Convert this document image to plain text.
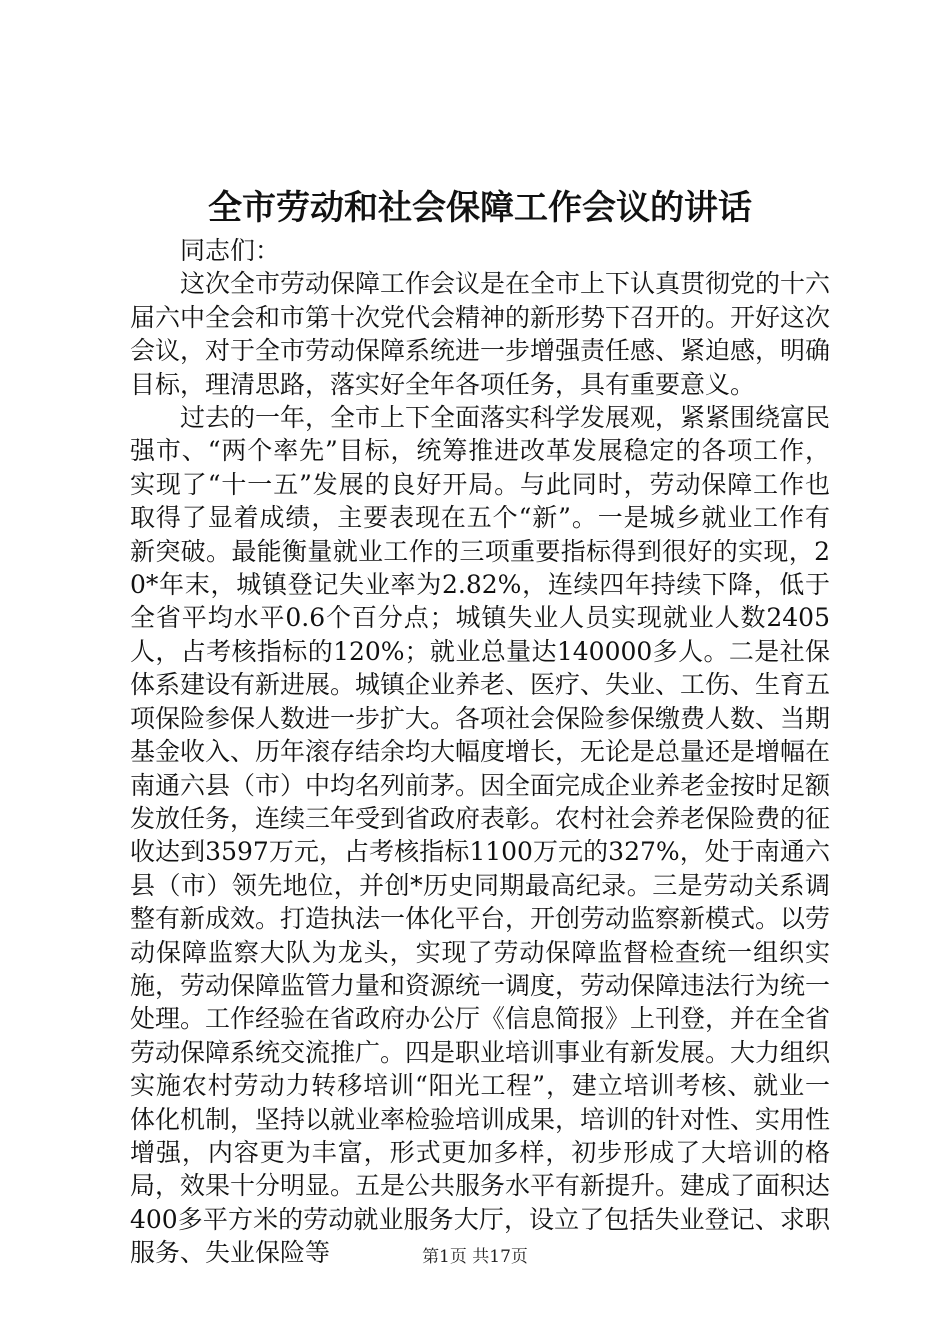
全市劳动和社会保障工作会议的讲话

同志们：

这次全市劳动保障工作会议是在全市上下认真贯彻党的十六届六中全会和市第十次党代会精神的新形势下召开的。开好这次会议，对于全市劳动保障系统进一步增强责任感、紧迫感，明确目标，理清思路，落实好全年各项任务，具有重要意义。

过去的一年，全市上下全面落实科学发展观，紧紧围绕富民强市、“两个率先”目标，统筹推进改革发展稳定的各项工作，实现了“十一五”发展的良好开局。与此同时，劳动保障工作也取得了显着成绩，主要表现在五个“新”。一是城乡就业工作有新突破。最能衡量就业工作的三项重要指标得到很好的实现，20*年末，城镇登记失业率为2.82%，连续四年持续下降，低于全省平均水平0.6个百分点；城镇失业人员实现就业人数2405人，占考核指标的120%；就业总量达140000多人。二是社保体系建设有新进展。城镇企业养老、医疗、失业、工伤、生育五项保险参保人数进一步扩大。各项社会保险参保缴费人数、当期基金收入、历年滚存结余均大幅度增长，无论是总量还是增幅在南通六县（市）中均名列前茅。因全面完成企业养老金按时足额发放任务，连续三年受到省政府表彰。农村社会养老保险费的征收达到3597万元，占考核指标1100万元的327%，处于南通六县（市）领先地位，并创*历史同期最高纪录。三是劳动关系调整有新成效。打造执法一体化平台，开创劳动监察新模式。以劳动保障监察大队为龙头，实现了劳动保障监督检查统一组织实施，劳动保障监管力量和资源统一调度，劳动保障违法行为统一处理。工作经验在省政府办公厅《信息简报》上刊登，并在全省劳动保障系统交流推广。四是职业培训事业有新发展。大力组织实施农村劳动力转移培训“阳光工程”，建立培训考核、就业一体化机制，坚持以就业率检验培训成果，培训的针对性、实用性增强，内容更为丰富，形式更加多样，初步形成了大培训的格局，效果十分明显。五是公共服务水平有新提升。建成了面积达400多平方米的劳动就业服务大厅，设立了包括失业登记、求职服务、失业保险等	第1页 共17页
